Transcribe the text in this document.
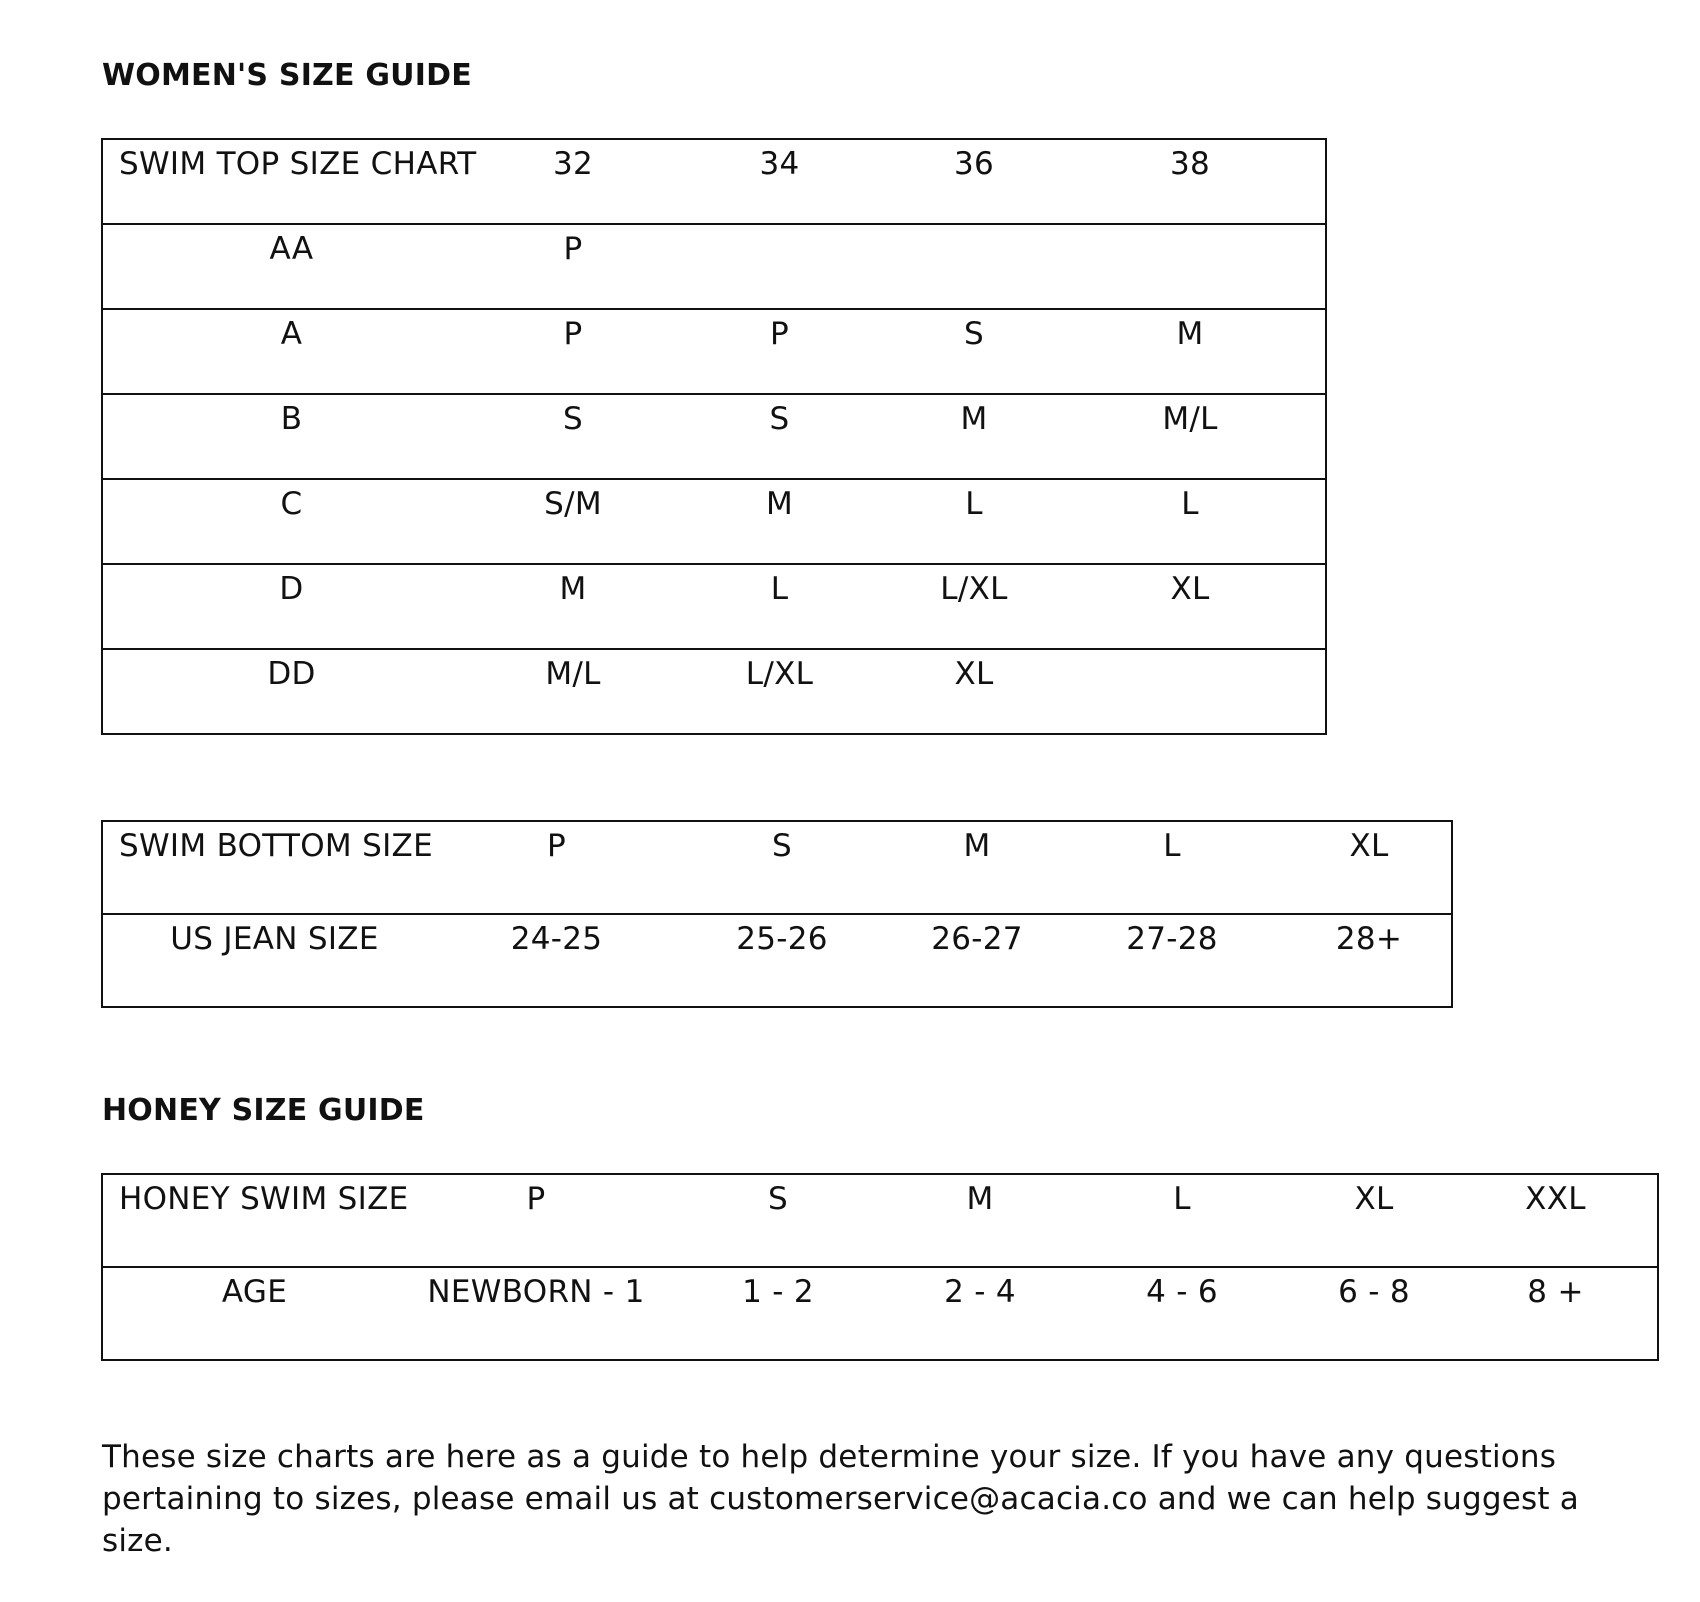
WOMEN'S SIZE GUIDE
SWIM TOP SIZE CHART	32	34	36	38

AA	P			

A	P	P	S	M

B	S	S	M	M/L

C	S/M	M	L	L

D	M	L	L/XL	XL

DD	M/L	L/XL	XL	

SWIM BOTTOM SIZE	P	S	M	L	XL

US JEAN SIZE	24-25	25-26	26-27	27-28	28+
HONEY SIZE GUIDE
HONEY SWIM SIZE	P	S	M	L	XL	XXL

AGE	NEWBORN - 1	1 - 2	2 - 4	4 - 6	6 - 8	8 +

These size charts are here as a guide to help determine your size. If you have any questions pertaining to sizes, please email us at customerservice@acacia.co and we can help suggest a size.
